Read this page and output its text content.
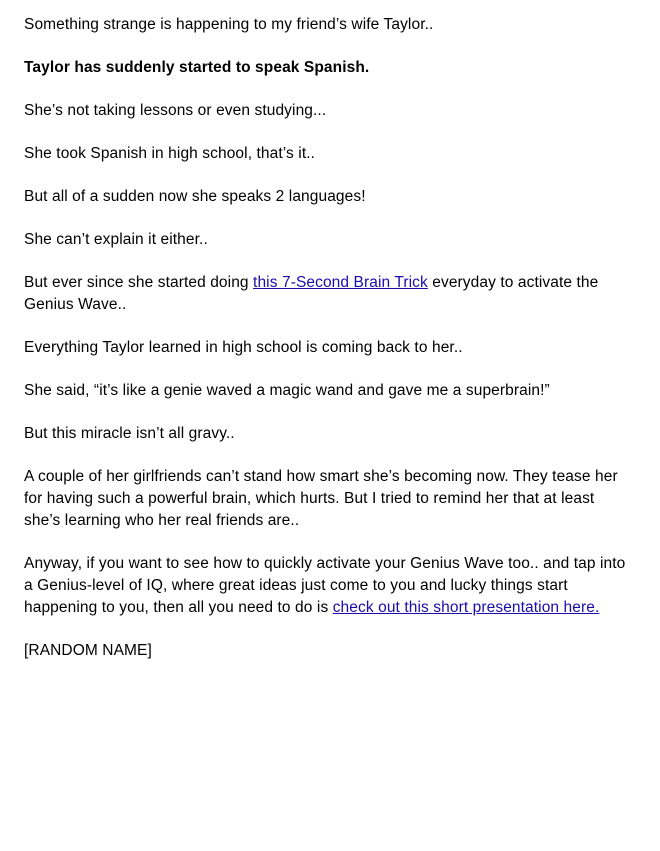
Something strange is happening to my friend’s wife Taylor..

Taylor has suddenly started to speak Spanish.

She’s not taking lessons or even studying...

She took Spanish in high school, that’s it..

But all of a sudden now she speaks 2 languages!

She can’t explain it either..

But ever since she started doing this 7-Second Brain Trick everyday to activate the Genius Wave..

Everything Taylor learned in high school is coming back to her..

She said, “it’s like a genie waved a magic wand and gave me a superbrain!”

But this miracle isn’t all gravy..

A couple of her girlfriends can’t stand how smart she’s becoming now. They tease her for having such a powerful brain, which hurts. But I tried to remind her that at least she’s learning who her real friends are..

Anyway, if you want to see how to quickly activate your Genius Wave too.. and tap into a Genius-level of IQ, where great ideas just come to you and lucky things start happening to you, then all you need to do is check out this short presentation here.

[RANDOM NAME]
